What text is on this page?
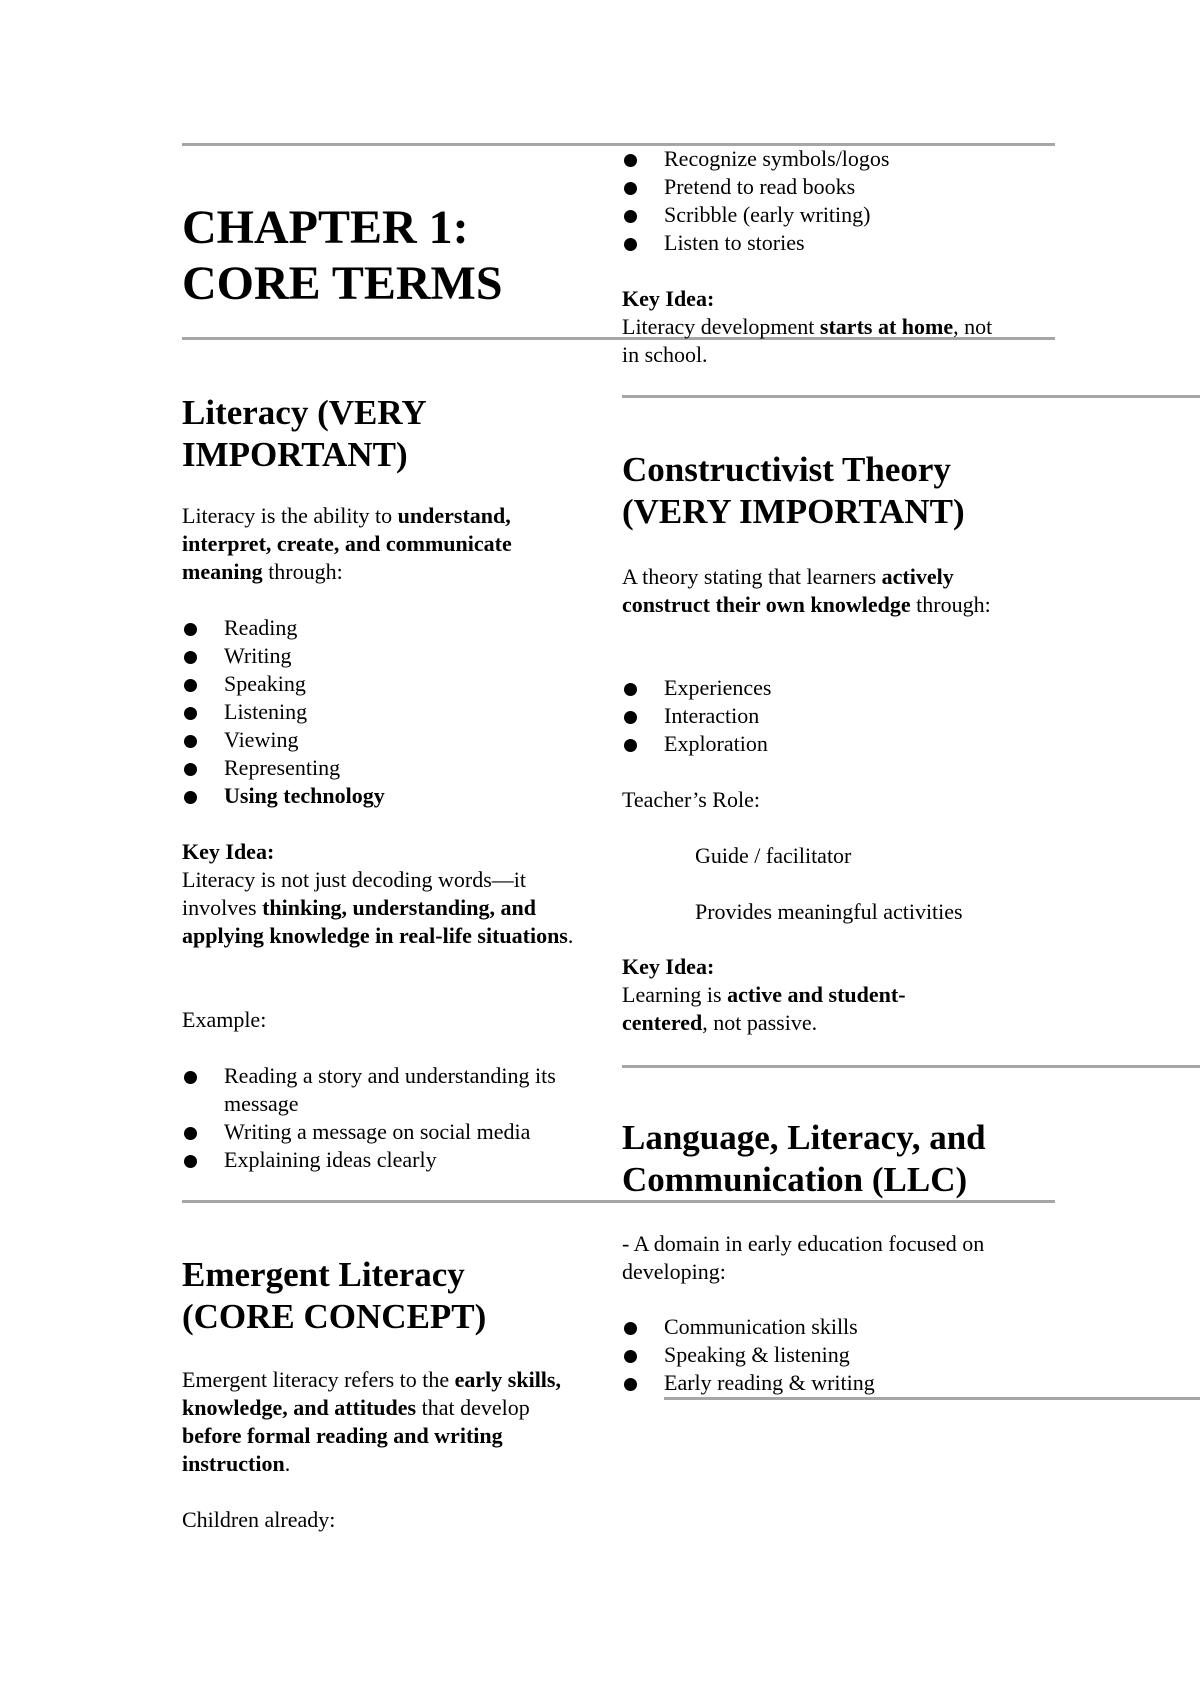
CHAPTER 1:
CORE TERMS
Literacy (VERY
IMPORTANT)
Literacy is the ability to understand, interpret, create, and communicate meaning through:
Reading
Writing
Speaking
Listening
Viewing
Representing
Using technology
Key Idea:
Literacy is not just decoding words—it involves thinking, understanding, and applying knowledge in real-life situations.
Example:
Reading a story and understanding its message
Writing a message on social media
Explaining ideas clearly
Emergent Literacy
(CORE CONCEPT)
Emergent literacy refers to the early skills, knowledge, and attitudes that develop before formal reading and writing instruction.
Children already:
Recognize symbols/logos
Pretend to read books
Scribble (early writing)
Listen to stories
Key Idea:
Literacy development starts at home, not in school.
Constructivist Theory
(VERY IMPORTANT)
A theory stating that learners actively construct their own knowledge through:
Experiences
Interaction
Exploration
Teacher’s Role:
Guide / facilitator
Provides meaningful activities
Key Idea:
Learning is active and student-centered, not passive.
Language, Literacy, and
Communication (LLC)
- A domain in early education focused on developing:
Communication skills
Speaking & listening
Early reading & writing
